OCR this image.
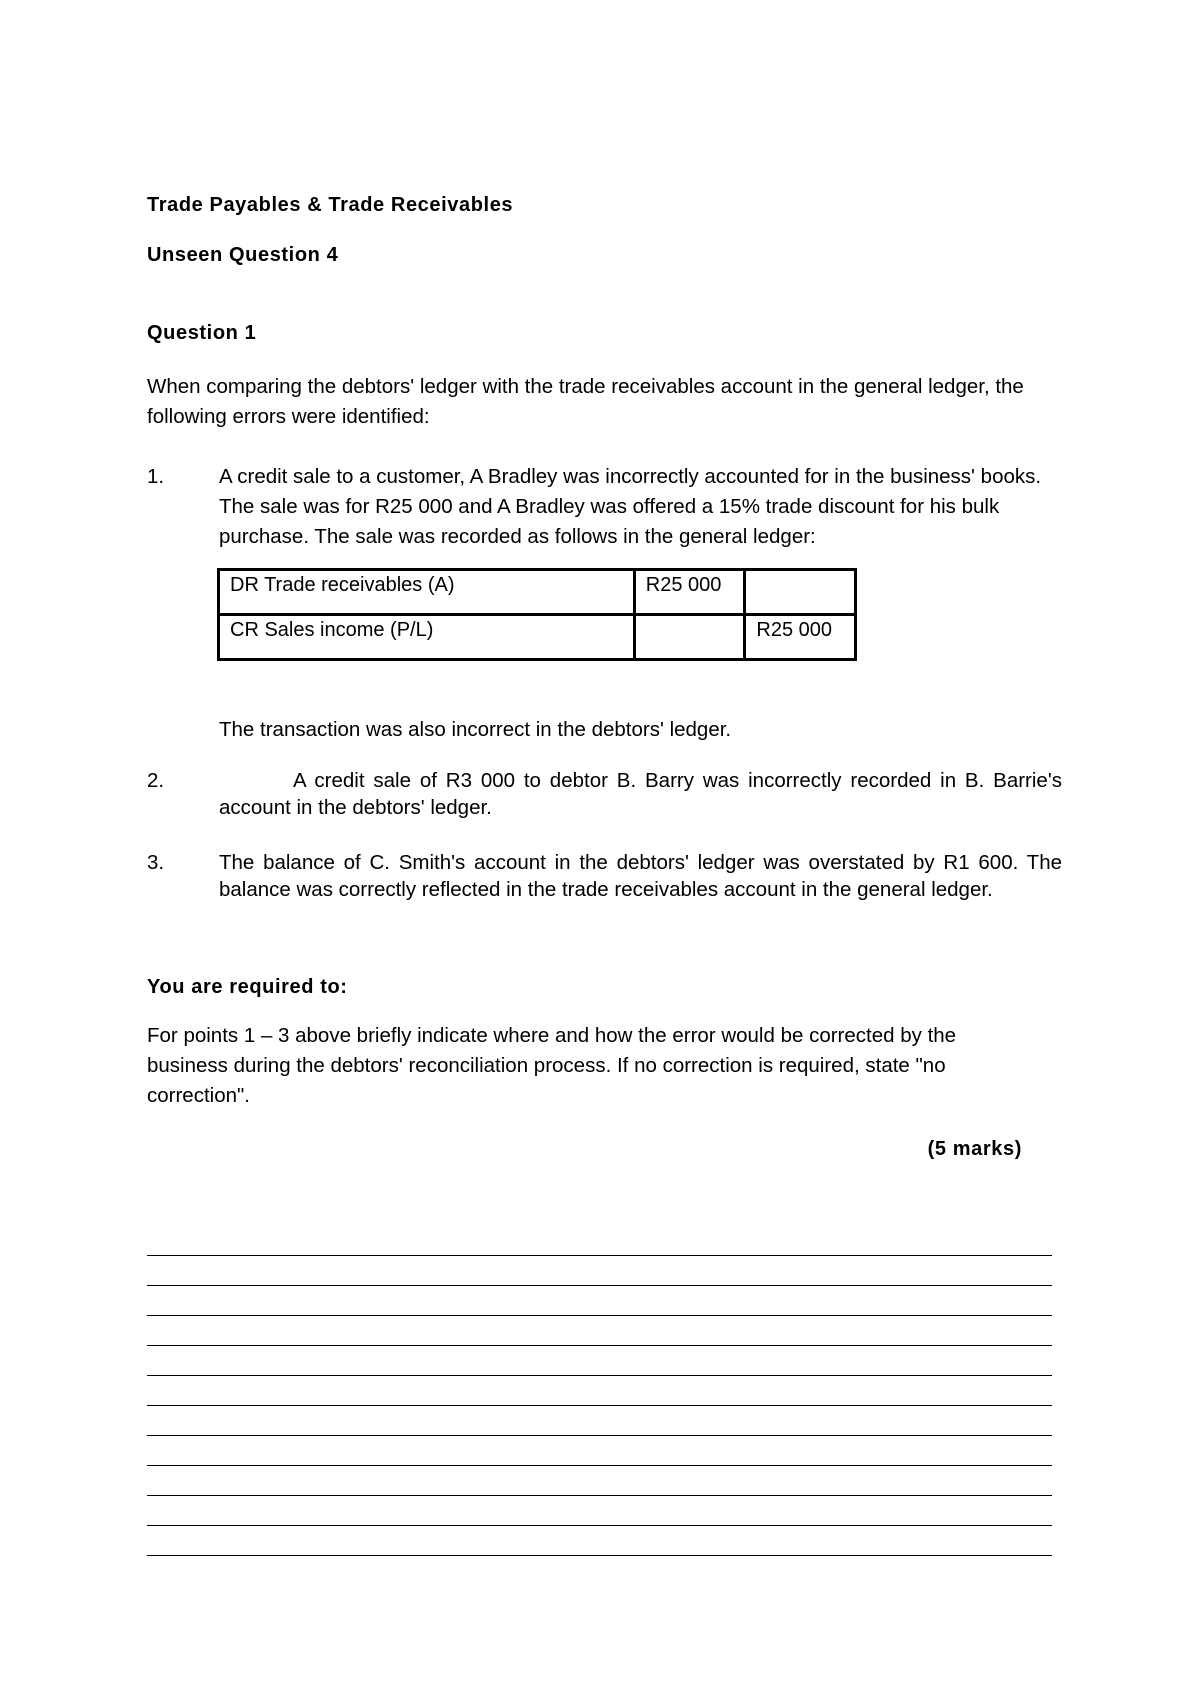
Trade Payables & Trade Receivables
Unseen Question 4
Question 1
When comparing the debtors' ledger with the trade receivables account in the general ledger, the following errors were identified:
1.	A credit sale to a customer, A Bradley was incorrectly accounted for in the business' books. The sale was for R25 000 and A Bradley was offered a 15% trade discount for his bulk purchase. The sale was recorded as follows in the general ledger:
DR Trade receivables (A)	R25 000	
CR Sales income (P/L)		R25 000
The transaction was also incorrect in the debtors' ledger.
2.	A credit sale of R3 000 to debtor B. Barry was incorrectly recorded in B. Barrie's account in the debtors' ledger.
3.	The balance of C. Smith's account in the debtors' ledger was overstated by R1 600. The balance was correctly reflected in the trade receivables account in the general ledger.
You are required to:
For points 1 – 3 above briefly indicate where and how the error would be corrected by the business during the debtors' reconciliation process. If no correction is required, state "no correction".
(5 marks)
